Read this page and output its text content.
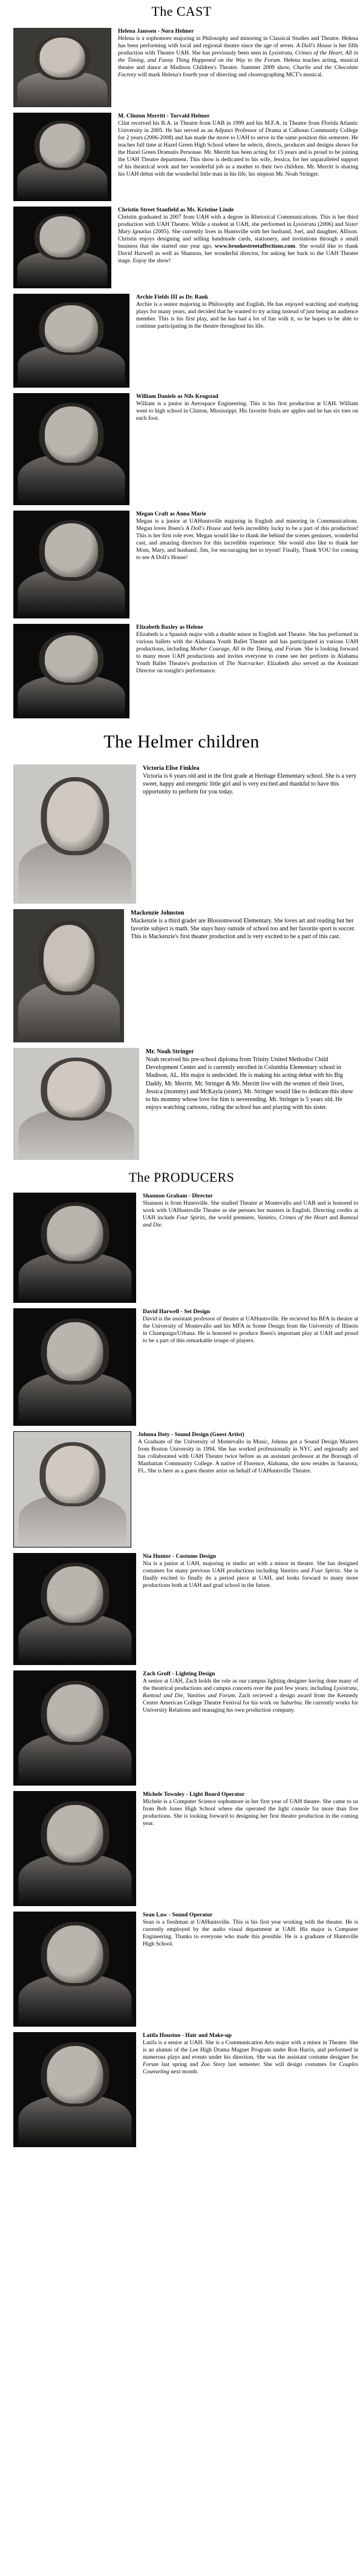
The CAST
Helena Janssen - Nora Helmer

Helena is a sophomore majoring in Philosophy and minoring in Classical Studies and Theatre. Helena has been performing with local and regional theatre since the age of seven. A Doll's House is her fifth production with Theatre UAH. She has previously been seen in Lysistrata, Crimes of the Heart, All in the Timing, and Funny Thing Happened on the Way to the Forum. Helena teaches acting, musical theatre and dance at Madison Children's Theatre. Summer 2009 show, Charlie and the Chocolate Factory will mark Helena's fourth year of directing and choreographing MCT's musical.

M. Clinton Merritt - Torvald Helmer

Clint received his B.A. in Theatre from UAB in 1999 and his M.F.A. in Theatre from Florida Atlantic University in 2005. He has served as an Adjunct Professor of Drama at Calhoun Community College for 2 years (2006-2008) and has made the move to UAH to serve in the same position this semester. He teaches full time at Hazel Green High School where he selects, directs, produces and designs shows for the Hazel Green Dramatis Personae. Mr. Merritt has been acting for 15 years and is proud to be joining the UAH Theatre department. This show is dedicated to his wife, Jessica, for her unparalleled support of his theatrical work and her wonderful job as a mother to their two children. Mr. Merritt is sharing his UAH debut with the wonderful little man in his life, his stepson Mr. Noah Stringer.

Christin Street Stanfield as Ms. Kristine Linde

Christin graduated in 2007 from UAH with a degree in Rhetorical Communications. This is her third production with UAH Theatre. While a student at UAH, she performed in Lysistrata (2006) and Sister Mary Ignatius (2005). She currently lives in Huntsville with her husband, Joel, and daughter, Allison. Christin enjoys designing and selling handmade cards, stationery, and invitations through a small business that she started one year ago, www.brookestreetaffections.com. She would like to thank David Harwell as well as Shannon, her wonderful director, for asking her back to the UAH Theatre stage. Enjoy the show!

Archie Fields III as Dr. Rank

Archie is a senior majoring in Philosophy and English. He has enjoyed watching and studying plays for many years, and decided that he wanted to try acting instead of just being an audience member. This is his first play, and he has had a lot of fun with it, so he hopes to be able to continue participating in the theatre throughout his life.

William Daniels as Nils Krogstad

William is a junior in Aerospace Engineering. This is his first production at UAH. William went to high school in Clinton, Mississippi. His favorite fruits are apples and he has six toes on each foot.

Megan Craft as Anna Marie

Megan is a junior at UAHuntsville majoring in English and minoring in Communications. Megan loves Ibsen's A Doll's House and feels incredibly lucky to be a part of this production! This is her first role ever. Megan would like to thank the behind the scenes geniuses, wonderful cast, and amazing directors for this incredible experience. She would also like to thank her Mom, Mary, and husband, Jim, for encouraging her to tryout! Finally, Thank YOU for coming to see A Doll's House!

Elizabeth Baxley as Helene

Elizabeth is a Spanish major with a double minor in English and Theatre. She has performed in various ballets with the Alabama Youth Ballet Theatre and has participated in various UAH productions, including Mother Courage, All in the Timing, and Forum. She is looking forward to many more UAH productions and invites everyone to come see her perform in Alabama Youth Ballet Theatre's production of The Nutcracker. Elizabeth also served as the Assistant Director on tonight's performance.

The Helmer children
Victoria Elise Finklea

Victoria is 6 years old and in the first grade at Heritage Elementary school. She is a very sweet, happy and energetic little girl and is very excited and thankful to have this opportunity to perform for you today.

Mackenzie Johnston

Mackenzie is a third grader are Blossomwood Elementary. She loves art and reading but her favorite subject is math. She stays busy outside of school too and her favorite sport is soccer. This is Mackenzie's first theater production and is very excited to be a part of this cast.

Mr. Noah Stringer

Noah received his pre-school diploma from Trinity United Methodist Child Development Center and is currently enrolled in Columbia Elementary school in Madison, AL. His major is undecided. He is making his acting debut with his Big Daddy, Mr. Merritt. Mr. Stringer & Mr. Merritt live with the women of their lives, Jessica (mommy) and McKayla (sister). Mr. Stringer would like to dedicate this show to his mommy whose love for him is neverending. Mr. Stringer is 5 years old. He enjoys watching cartoons, riding the school bus and playing with his sister.

The PRODUCERS
Shannon Graham - Director

Shannon is from Huntsville. She studied Theatre at Montevallo and UAB and is honored to work with UAHuntsville Theatre as she persues her masters in English. Directing credits at UAH include Four Spirits, the world premiere, Vanities, Crimes of the Heart and Rantoul and Die.

David Harwell - Set Design

David is the assistant professor of theatre at UAHuntsville. He recieved his BFA in theatre at the University of Montevallo and his MFA in Scene Design from the University of Illinois in Champaign/Urbana. He is honored to produce Ibsen's important play at UAH and proud to be a part of this remarkable troupe of players.

Johnna Doty - Sound Design (Guest Artist)

A Graduate of the University of Montevallo in Music, Johnna got a Sound Design Masters from Boston University in 1994. She has worked professionally in NYC and regionally and has collaborated with UAH Theatre twice before as an assistant professor at the Borough of Manhattan Community College. A native of Florence, Alabama, she now resides in Sarasota, FL. She is here as a guest theatre artist on behalf of UAHuntsville Theatre.

Nia Hunter - Costume Design

Nia is a junior at UAH, majoring in studio art with a minor in theatre. She has designed costumes for many previous UAH productions including Vanities and Four Spirits. She is finally excited to finally do a period piece at UAH, and looks forward to many more productions both at UAH and grad school in the future.

Zach Groff - Lighting Design

A senior at UAH, Zach holds the role as our campus lighting designer having done many of the theatrical productions and campus concerts over the past few years; including Lysistrata, Rantoul and Die, Vanities and Forum. Zach recieved a design award from the Kennedy Center American College Theatre Festival for his work on Suburbia. He currently works for University Relations and managing his own production company.

Michele Townley - Light Board Operator

Michele is a Computer Science sophomore in her first year of UAH theatre. She came to us from Bob Jones High School where she operated the light console for more than five productions. She is looking forward to designing her first theatre production in the coming year.

Sean Law - Sound Operator

Sean is a freshman at UAHuntsville. This is his first year working with the theatre. He is currently employed by the audio visual department at UAH. His major is Computer Engineering. Thanks to everyone who made this possible. He is a graduate of Huntsville High School.

Latifa Houston - Hair and Make-up

Latifa is a senior at UAH. She is a Communication Arts major with a minor in Theatre. She is an alumni of the Lee High Drama Magnet Program under Ron Harris, and performed in numerous plays and events under his direction. She was the assistant costume designer for Forum last spring and Zoo Story last semester. She will design costumes for Couples Counseling next month.
